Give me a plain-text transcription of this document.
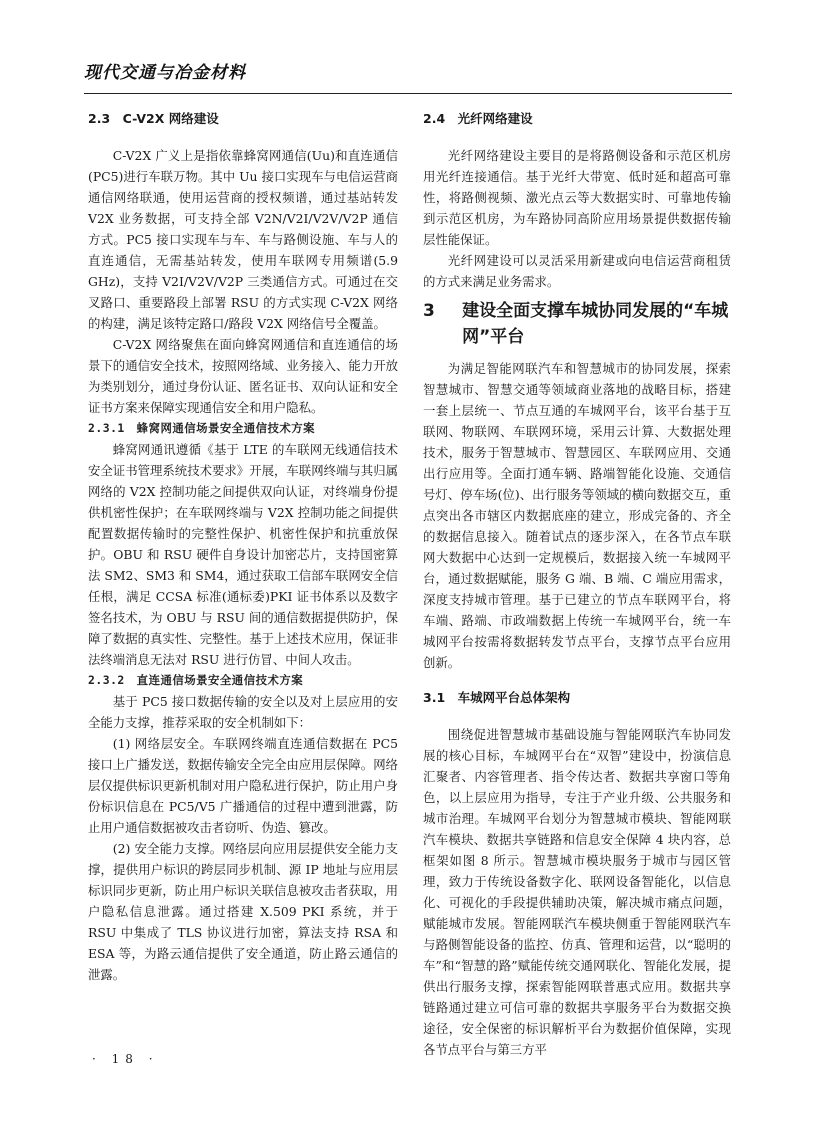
现代交通与冶金材料
2.3　C-V2X 网络建设

C-V2X 广义上是指依靠蜂窝网通信(Uu)和直连通信(PC5)进行车联万物。其中 Uu 接口实现车与电信运营商通信网络联通，使用运营商的授权频谱，通过基站转发 V2X 业务数据，可支持全部 V2N/V2I/V2V/V2P 通信方式。PC5 接口实现车与车、车与路侧设施、车与人的直连通信，无需基站转发，使用车联网专用频谱(5.9 GHz)，支持 V2I/V2V/V2P 三类通信方式。可通过在交叉路口、重要路段上部署 RSU 的方式实现 C-V2X 网络的构建，满足该特定路口/路段 V2X 网络信号全覆盖。

C-V2X 网络聚焦在面向蜂窝网通信和直连通信的场景下的通信安全技术，按照网络域、业务接入、能力开放为类别划分，通过身份认证、匿名证书、双向认证和安全证书方案来保障实现通信安全和用户隐私。

2.3.1　蜂窝网通信场景安全通信技术方案

蜂窝网通讯遵循《基于 LTE 的车联网无线通信技术安全证书管理系统技术要求》开展，车联网终端与其归属网络的 V2X 控制功能之间提供双向认证，对终端身份提供机密性保护；在车联网终端与 V2X 控制功能之间提供配置数据传输时的完整性保护、机密性保护和抗重放保护。OBU 和 RSU 硬件自身设计加密芯片，支持国密算法 SM2、SM3 和 SM4，通过获取工信部车联网安全信任根，满足 CCSA 标准(通标委)PKI 证书体系以及数字签名技术，为 OBU 与 RSU 间的通信数据提供防护，保障了数据的真实性、完整性。基于上述技术应用，保证非法终端消息无法对 RSU 进行仿冒、中间人攻击。

2.3.2　直连通信场景安全通信技术方案

基于 PC5 接口数据传输的安全以及对上层应用的安全能力支撑，推荐采取的安全机制如下：

(1) 网络层安全。车联网终端直连通信数据在 PC5 接口上广播发送，数据传输安全完全由应用层保障。网络层仅提供标识更新机制对用户隐私进行保护，防止用户身份标识信息在 PC5/V5 广播通信的过程中遭到泄露，防止用户通信数据被攻击者窃听、伪造、篡改。

(2) 安全能力支撑。网络层向应用层提供安全能力支撑，提供用户标识的跨层同步机制、源 IP 地址与应用层标识同步更新，防止用户标识关联信息被攻击者获取，用户隐私信息泄露。通过搭建 X.509 PKI 系统，并于 RSU 中集成了 TLS 协议进行加密，算法支持 RSA 和 ESA 等，为路云通信提供了安全通道，防止路云通信的泄露。

2.4　光纤网络建设

光纤网络建设主要目的是将路侧设备和示范区机房用光纤连接通信。基于光纤大带宽、低时延和超高可靠性，将路侧视频、激光点云等大数据实时、可靠地传输到示范区机房，为车路协同高阶应用场景提供数据传输层性能保证。

光纤网建设可以灵活采用新建或向电信运营商租赁的方式来满足业务需求。

3 建设全面支撑车城协同发展的“车城网”平台

为满足智能网联汽车和智慧城市的协同发展，探索智慧城市、智慧交通等领域商业落地的战略目标，搭建一套上层统一、节点互通的车城网平台，该平台基于互联网、物联网、车联网环境，采用云计算、大数据处理技术，服务于智慧城市、智慧园区、车联网应用、交通出行应用等。全面打通车辆、路端智能化设施、交通信号灯、停车场(位)、出行服务等领域的横向数据交互，重点突出各市辖区内数据底座的建立，形成完备的、齐全的数据信息接入。随着试点的逐步深入，在各节点车联网大数据中心达到一定规模后，数据接入统一车城网平台，通过数据赋能，服务 G 端、B 端、C 端应用需求，深度支持城市管理。基于已建立的节点车联网平台，将车端、路端、市政端数据上传统一车城网平台，统一车城网平台按需将数据转发节点平台，支撑节点平台应用创新。

3.1　车城网平台总体架构

围绕促进智慧城市基础设施与智能网联汽车协同发展的核心目标，车城网平台在“双智”建设中，扮演信息汇聚者、内容管理者、指令传达者、数据共享窗口等角色，以上层应用为指导，专注于产业升级、公共服务和城市治理。车城网平台划分为智慧城市模块、智能网联汽车模块、数据共享链路和信息安全保障 4 块内容，总框架如图 8 所示。智慧城市模块服务于城市与园区管理，致力于传统设备数字化、联网设备智能化，以信息化、可视化的手段提供辅助决策，解决城市痛点问题，赋能城市发展。智能网联汽车模块侧重于智能网联汽车与路侧智能设备的监控、仿真、管理和运营，以“聪明的车”和“智慧的路”赋能传统交通网联化、智能化发展，提供出行服务支撑，探索智能网联普惠式应用。数据共享链路通过建立可信可靠的数据共享服务平台为数据交换途径，安全保密的标识解析平台为数据价值保障，实现各节点平台与第三方平

· 18 ·
